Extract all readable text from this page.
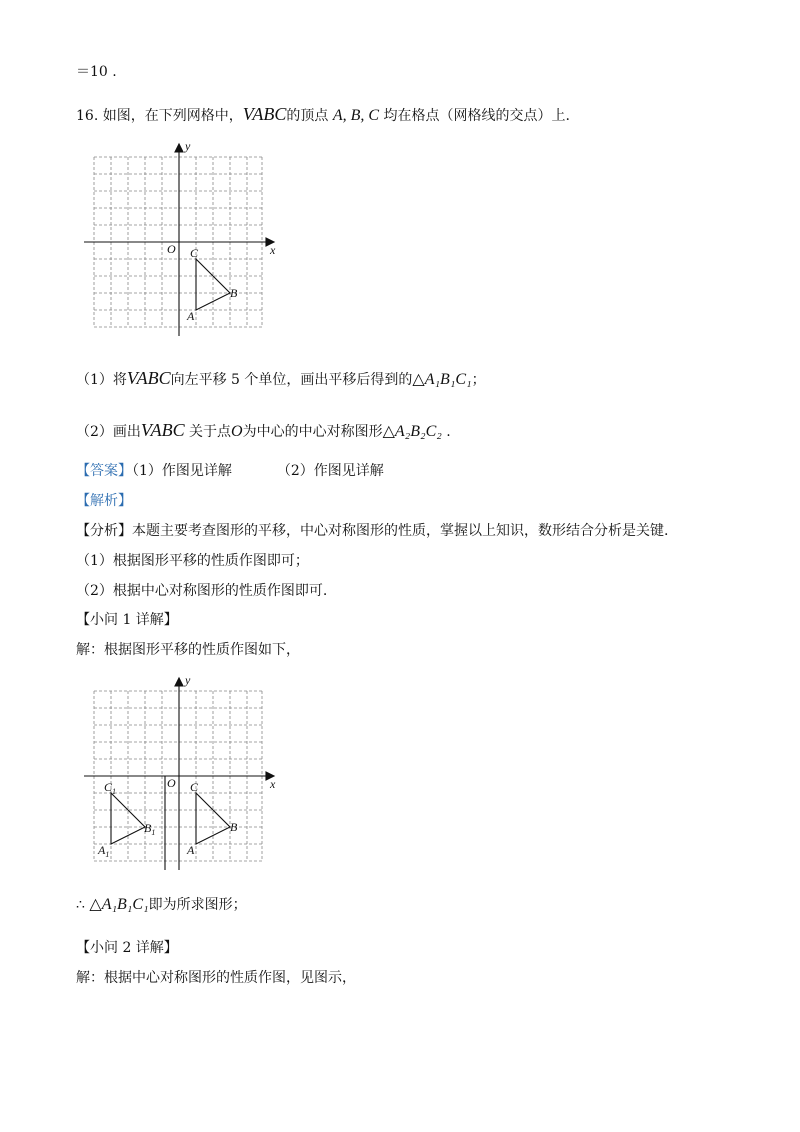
＝10 .
16. 如图，在下列网格中，VABC的顶点 A, B, C 均在格点（网格线的交点）上.
x
y
O C
B
A
（1）将VABC向左平移 5 个单位，画出平移后得到的△A₁B₁C₁；
（2）画出VABC 关于点O为中心的中心对称图形△A₂B₂C₂ .
【答案】（1）作图见详解	（2）作图见详解
【解析】
【分析】本题主要考查图形的平移，中心对称图形的性质，掌握以上知识，数形结合分析是关键.
（1）根据图形平移的性质作图即可；
（2）根据中心对称图形的性质作图即可.
【小问 1 详解】
解：根据图形平移的性质作图如下，
x
y
O C
B
A
$C_1$
$B_1$
$A_1$
∴ △A₁B₁C₁即为所求图形；
【小问 2 详解】
解：根据中心对称图形的性质作图，见图示，
